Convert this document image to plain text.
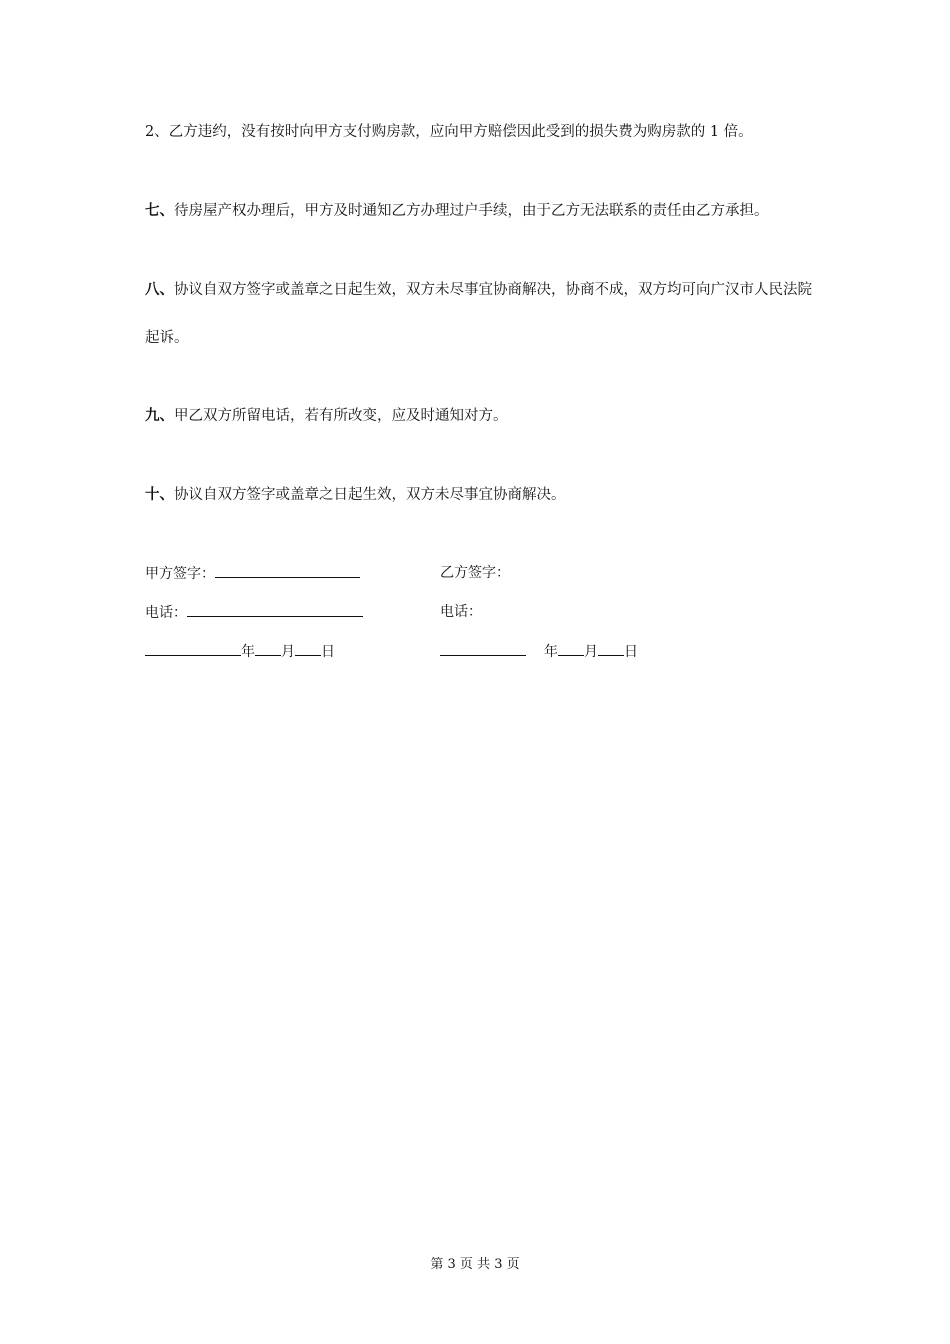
2、乙方违约，没有按时向甲方支付购房款，应向甲方赔偿因此受到的损失费为购房款的 1 倍。
七、待房屋产权办理后，甲方及时通知乙方办理过户手续，由于乙方无法联系的责任由乙方承担。
八、协议自双方签字或盖章之日起生效，双方未尽事宜协商解决，协商不成，双方均可向广汉市人民法院起诉。
九、甲乙双方所留电话，若有所改变，应及时通知对方。
十、协议自双方签字或盖章之日起生效，双方未尽事宜协商解决。
甲方签字：	乙方签字：
电话：	电话：
年 月 日	年 月 日
第 3 页 共 3 页
